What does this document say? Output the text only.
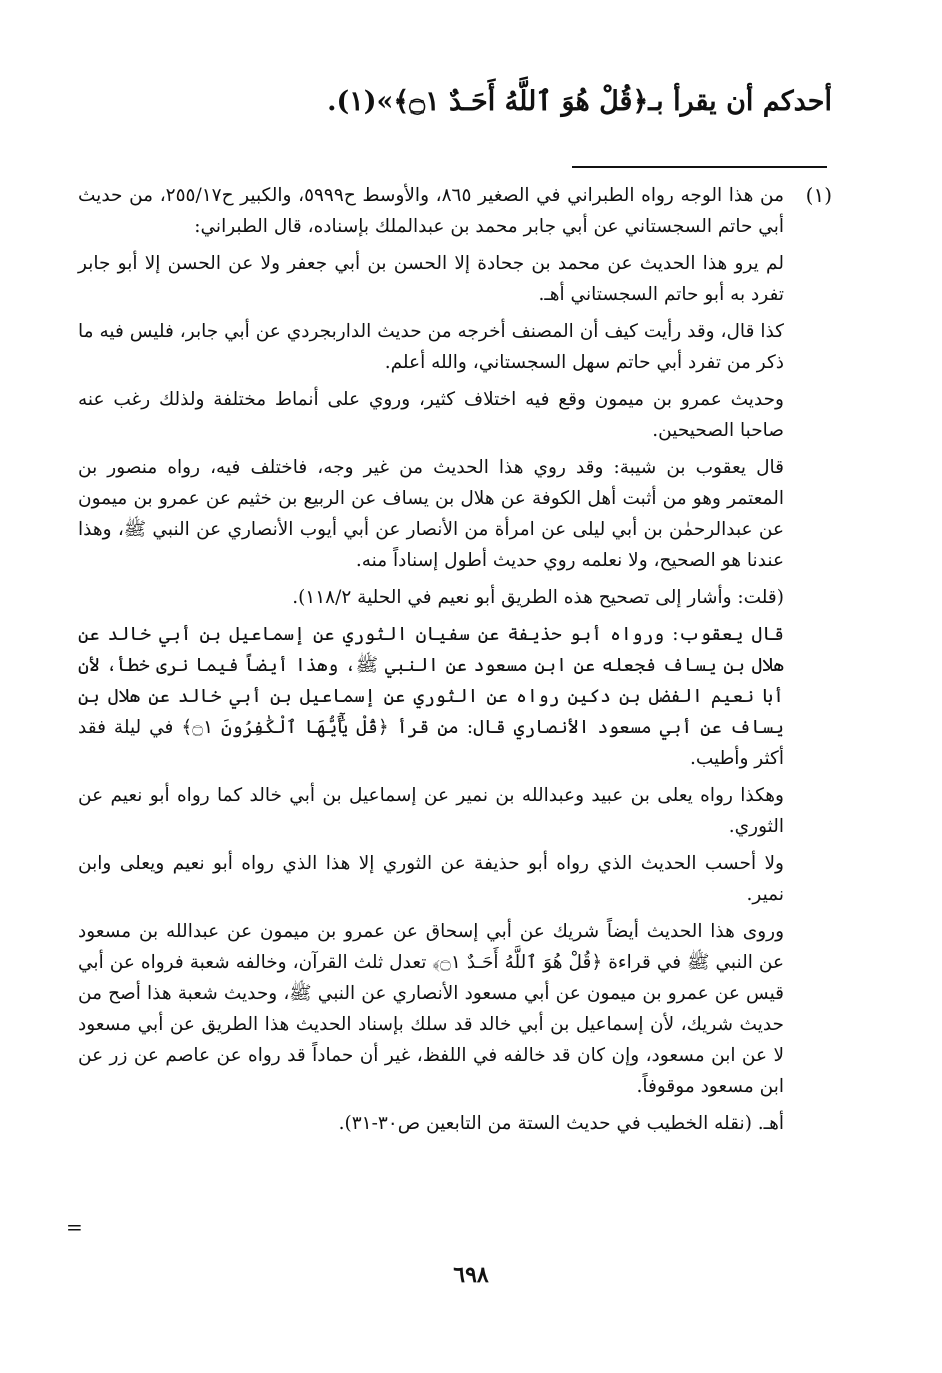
أحدكم أن يقرأ بـ﴿قُلْ هُوَ ٱللَّهُ أَحَـدٌ ۝١﴾»(١).
(١)

من هذا الوجه رواه الطبراني في الصغير ٨٦٥، والأوسط ح٥٩٩٩، والكبير ح٢٥٥/١٧، من حديث أبي حاتم السجستاني عن أبي جابر محمد بن عبدالملك بإسناده، قال الطبراني:

لم يرو هذا الحديث عن محمد بن جحادة إلا الحسن بن أبي جعفر ولا عن الحسن إلا أبو جابر تفرد به أبو حاتم السجستاني أهـ.

كذا قال، وقد رأيت كيف أن المصنف أخرجه من حديث الداربجردي عن أبي جابر، فليس فيه ما ذكر من تفرد أبي حاتم سهل السجستاني، والله أعلم.

وحديث عمرو بن ميمون وقع فيه اختلاف كثير، وروي على أنماط مختلفة ولذلك رغب عنه صاحبا الصحيحين.

قال يعقوب بن شيبة: وقد روي هذا الحديث من غير وجه، فاختلف فيه، رواه منصور بن المعتمر وهو من أثبت أهل الكوفة عن هلال بن يساف عن الربيع بن خثيم عن عمرو بن ميمون عن عبدالرحمٰن بن أبي ليلى عن امرأة من الأنصار عن أبي أيوب الأنصاري عن النبي ﷺ، وهذا عندنا هو الصحيح، ولا نعلمه روي حديث أطول إسناداً منه.

(قلت: وأشار إلى تصحيح هذه الطريق أبو نعيم في الحلية ١١٨/٢).

قال يعقوب: ورواه أبو حذيفة عن سفيان الثوري عن إسماعيل بن أبي خالد عن هلال بن يساف فجعله عن ابن مسعود عن النبي ﷺ، وهذا أيضاً فيما نرى خطأ، لأن أبا نعيم الفضل بن دكين رواه عن الثوري عن إسماعيل بن أبي خالد عن هلال بن يساف عن أبي مسعود الأنصاري قال: من قرأ ﴿قُلْ يَٰٓأَيُّهَا ٱلْكَٰفِرُونَ ۝١﴾ في ليلة فقد أكثر وأطيب.

وهكذا رواه يعلى بن عبيد وعبدالله بن نمير عن إسماعيل بن أبي خالد كما رواه أبو نعيم عن الثوري.

ولا أحسب الحديث الذي رواه أبو حذيفة عن الثوري إلا هذا الذي رواه أبو نعيم ويعلى وابن نمير.

وروى هذا الحديث أيضاً شريك عن أبي إسحاق عن عمرو بن ميمون عن عبدالله بن مسعود عن النبي ﷺ في قراءة ﴿قُلْ هُوَ ٱللَّهُ أَحَـدٌ ۝١﴾ تعدل ثلث القرآن، وخالفه شعبة فرواه عن أبي قيس عن عمرو بن ميمون عن أبي مسعود الأنصاري عن النبي ﷺ، وحديث شعبة هذا أصح من حديث شريك، لأن إسماعيل بن أبي خالد قد سلك بإسناد الحديث هذا الطريق عن أبي مسعود لا عن ابن مسعود، وإن كان قد خالفه في اللفظ، غير أن حماداً قد رواه عن عاصم عن زر عن ابن مسعود موقوفاً.

أهـ. (نقله الخطيب في حديث الستة من التابعين ص٣٠-٣١).

=
٦٩٨
